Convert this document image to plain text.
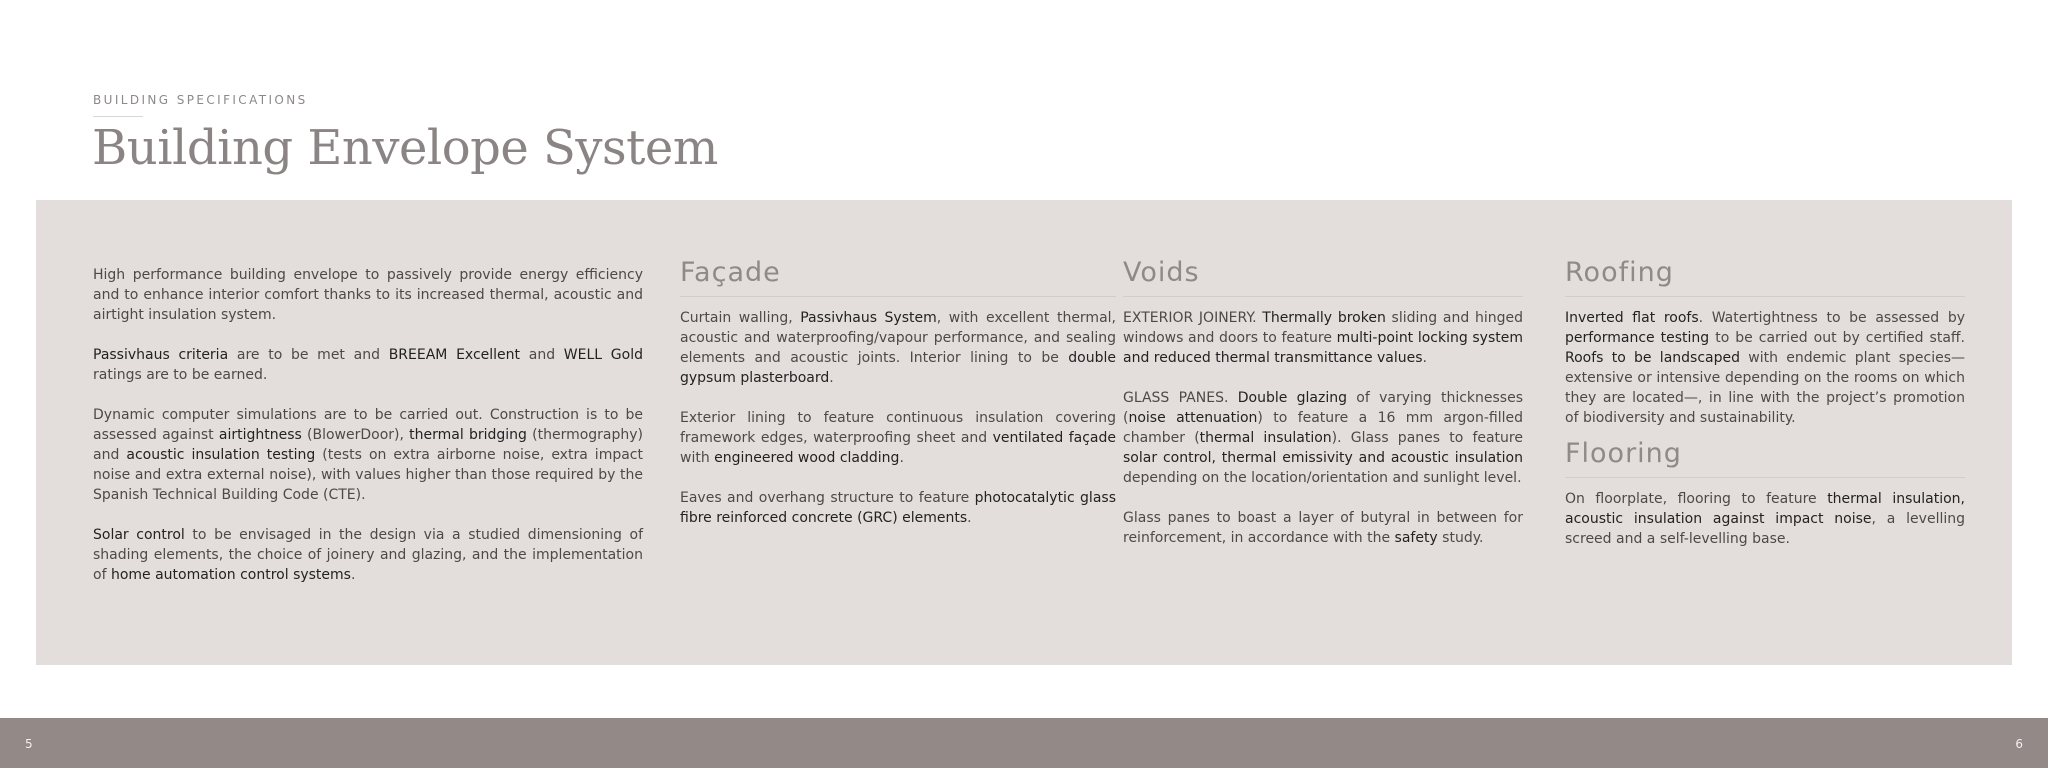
BUILDING SPECIFICATIONS
Building Envelope System

High performance building envelope to passively provide energy efficiency and to enhance interior comfort thanks to its increased thermal, acoustic and airtight insulation system.

Passivhaus criteria are to be met and BREEAM Excellent and WELL Gold ratings are to be earned.

Dynamic computer simulations are to be carried out. Construction is to be assessed against airtightness (BlowerDoor), thermal bridging (thermography) and acoustic insulation testing (tests on extra airborne noise, extra impact noise and extra external noise), with values higher than those required by the Spanish Technical Building Code (CTE).

Solar control to be envisaged in the design via a studied dimensioning of shading elements, the choice of joinery and glazing, and the implementation of home automation control systems.

Façade

Curtain walling, Passivhaus System, with excellent thermal, acoustic and waterproofing/vapour performance, and sealing elements and acoustic joints. Interior lining to be double gypsum plasterboard.

Exterior lining to feature continuous insulation covering framework edges, waterproofing sheet and ventilated façade with engineered wood cladding.

Eaves and overhang structure to feature photocatalytic glass fibre reinforced concrete (GRC) elements.

Voids

EXTERIOR JOINERY. Thermally broken sliding and hinged windows and doors to feature multi-point locking system and reduced thermal transmittance values.

GLASS PANES. Double glazing of varying thicknesses (noise attenuation) to feature a 16 mm argon-filled chamber (thermal insulation). Glass panes to feature solar control, thermal emissivity and acoustic insulation depending on the location/orientation and sunlight level.

Glass panes to boast a layer of butyral in between for reinforcement, in accordance with the safety study.

Roofing

Inverted flat roofs. Watertightness to be assessed by performance testing to be carried out by certified staff. Roofs to be landscaped with endemic plant species—extensive or intensive depending on the rooms on which they are located—, in line with the project’s promotion of biodiversity and sustainability.

Flooring

On floorplate, flooring to feature thermal insulation, acoustic insulation against impact noise, a levelling screed and a self-levelling base.

5	6
